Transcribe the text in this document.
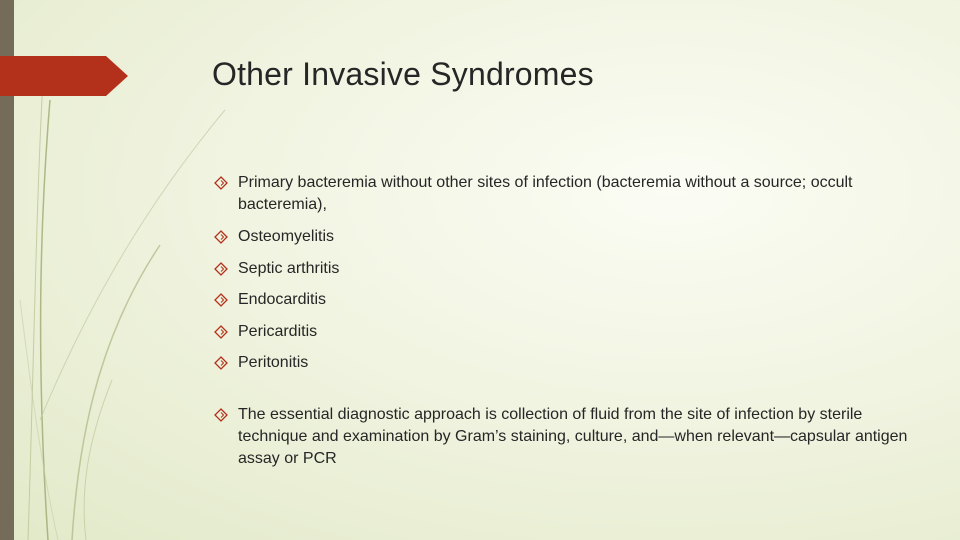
Other Invasive Syndromes
Primary bacteremia without other sites of infection (bacteremia without a source; occult bacteremia),
Osteomyelitis
Septic arthritis
Endocarditis
Pericarditis
Peritonitis
The essential diagnostic approach is collection of fluid from the site of infection by sterile technique and examination by Gram’s staining, culture, and—when relevant—capsular antigen assay or PCR
